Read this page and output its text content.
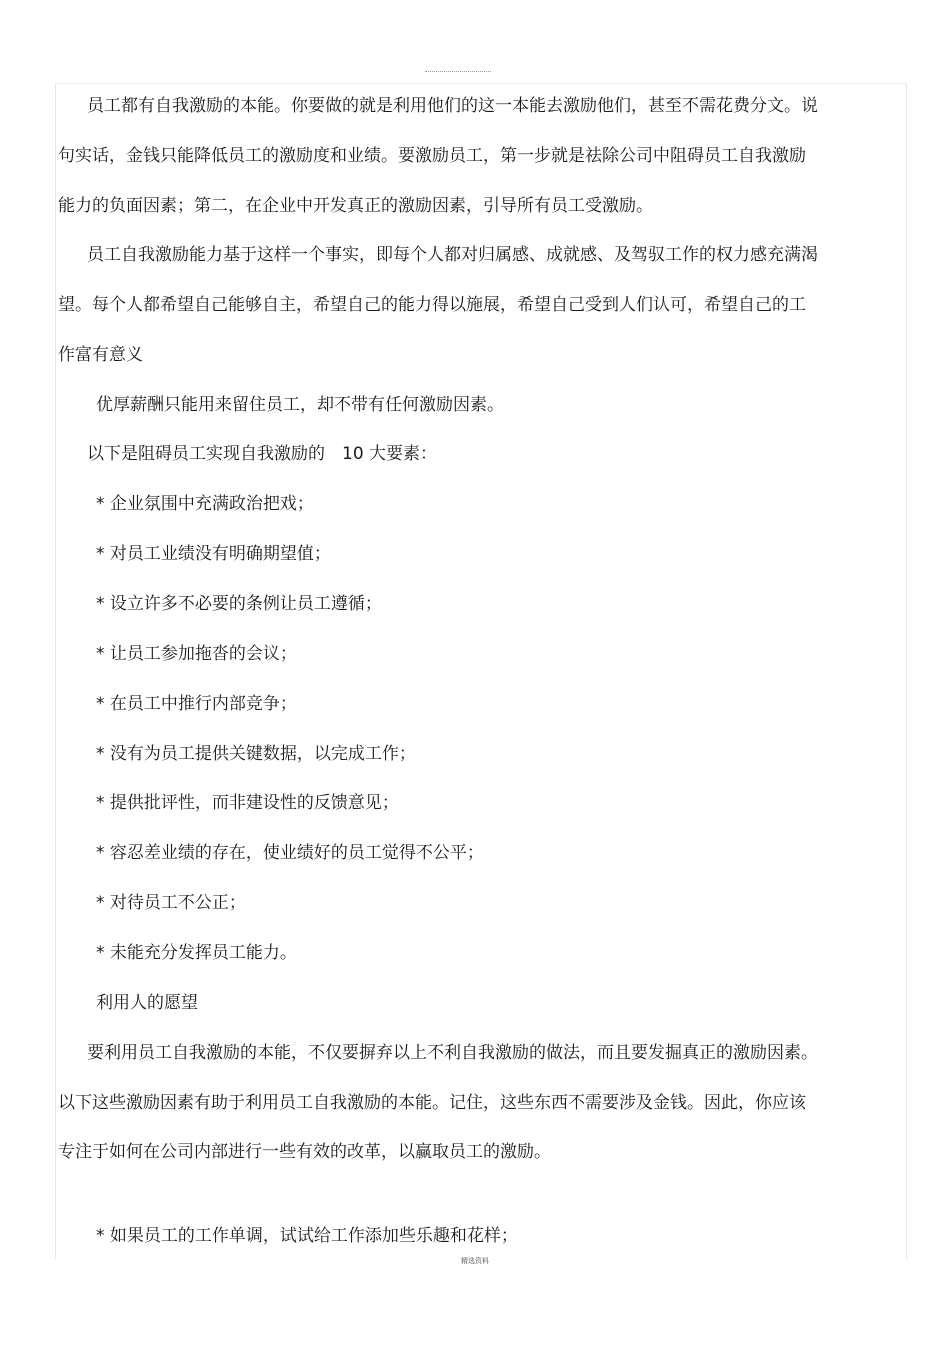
员工都有自我激励的本能。你要做的就是利用他们的这一本能去激励他们，甚至不需花费分文。说
句实话，金钱只能降低员工的激励度和业绩。要激励员工，第一步就是祛除公司中阻碍员工自我激励
能力的负面因素；第二，在企业中开发真正的激励因素，引导所有员工受激励。
员工自我激励能力基于这样一个事实，即每个人都对归属感、成就感、及驾驭工作的权力感充满渴
望。每个人都希望自己能够自主，希望自己的能力得以施展，希望自己受到人们认可，希望自己的工
作富有意义
优厚薪酬只能用来留住员工，却不带有任何激励因素。
以下是阻碍员工实现自我激励的　10 大要素：
* 企业氛围中充满政治把戏；
* 对员工业绩没有明确期望值；
* 设立许多不必要的条例让员工遵循；
* 让员工参加拖沓的会议；
* 在员工中推行内部竞争；
* 没有为员工提供关键数据，以完成工作；
* 提供批评性，而非建设性的反馈意见；
* 容忍差业绩的存在，使业绩好的员工觉得不公平；
* 对待员工不公正；
* 未能充分发挥员工能力。
利用人的愿望
要利用员工自我激励的本能，不仅要摒弃以上不利自我激励的做法，而且要发掘真正的激励因素。
以下这些激励因素有助于利用员工自我激励的本能。记住，这些东西不需要涉及金钱。因此，你应该
专注于如何在公司内部进行一些有效的改革，以赢取员工的激励。
* 如果员工的工作单调，试试给工作添加些乐趣和花样；
精选资料
